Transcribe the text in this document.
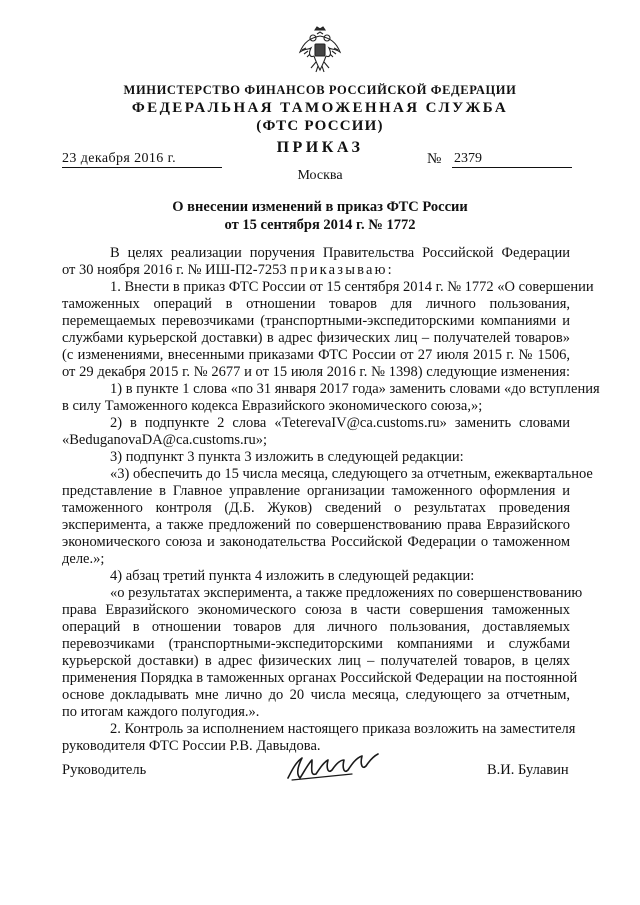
МИНИСТЕРСТВО ФИНАНСОВ РОССИЙСКОЙ ФЕДЕРАЦИИ
ФЕДЕРАЛЬНАЯ ТАМОЖЕННАЯ СЛУЖБА
(ФТС РОССИИ)
ПРИКАЗ
23 декабря 2016 г.	№ 2379
Москва
О внесении изменений в приказ ФТС России
от 15 сентября 2014 г. № 1772
В целях реализации поручения Правительства Российской Федерации
от 30 ноября 2016 г. № ИШ-П2-7253 приказываю:
1. Внести в приказ ФТС России от 15 сентября 2014 г. № 1772 «О совершении
таможенных операций в отношении товаров для личного пользования,
перемещаемых перевозчиками (транспортными-экспедиторскими компаниями и
службами курьерской доставки) в адрес физических лиц – получателей товаров»
(с изменениями, внесенными приказами ФТС России от 27 июля 2015 г. № 1506,
от 29 декабря 2015 г. № 2677 и от 15 июля 2016 г. № 1398) следующие изменения:
1) в пункте 1 слова «по 31 января 2017 года» заменить словами «до вступления
в силу Таможенного кодекса Евразийского экономического союза,»;
2) в подпункте 2 слова «TeterevaIV@ca.customs.ru» заменить словами
«BeduganovaDA@ca.customs.ru»;
3) подпункт 3 пункта 3 изложить в следующей редакции:
«3) обеспечить до 15 числа месяца, следующего за отчетным, ежеквартальное
представление в Главное управление организации таможенного оформления и
таможенного контроля (Д.Б. Жуков) сведений о результатах проведения
эксперимента, а также предложений по совершенствованию права Евразийского
экономического союза и законодательства Российской Федерации о таможенном
деле.»;
4) абзац третий пункта 4 изложить в следующей редакции:
«о результатах эксперимента, а также предложениях по совершенствованию
права Евразийского экономического союза в части совершения таможенных
операций в отношении товаров для личного пользования, доставляемых
перевозчиками (транспортными-экспедиторскими компаниями и службами
курьерской доставки) в адрес физических лиц – получателей товаров, в целях
применения Порядка в таможенных органах Российской Федерации на постоянной
основе докладывать мне лично до 20 числа месяца, следующего за отчетным,
по итогам каждого полугодия.».
2. Контроль за исполнением настоящего приказа возложить на заместителя
руководителя ФТС России Р.В. Давыдова.
Руководитель	В.И. Булавин
